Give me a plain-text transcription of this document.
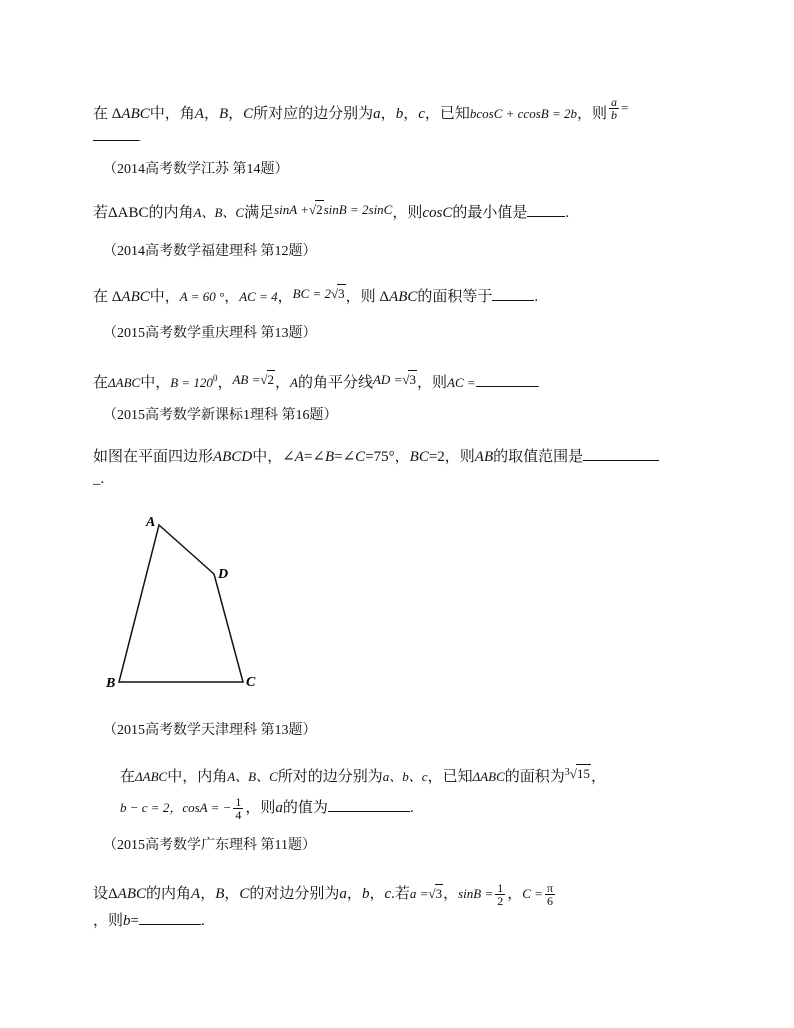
在 ΔABC中，角A，B，C所对应的边分别为a，b，c，已知bcosC + ccosB = 2b，则 $\frac{a}{b}$ =
.
（2014高考数学江苏 第14题）
若ΔABC的内角A、B、C满足sinA +√2sinB = 2sinC，则cosC的最小值是	.
（2014高考数学福建理科 第12题）
在 ΔABC中，A = 60 °，AC = 4，BC = 2√3，则 ΔABC的面积等于	.
（2015高考数学重庆理科 第13题）
在ΔABC中，$B = 120^0$，AB =√2，A的角平分线AD =√3，则AC =	.
（2015高考数学新课标1理科 第16题）
如图在平面四边形ABCD中，∠A=∠B=∠C=75°，BC=2，则AB的取值范围是
_.
A
D
B	C
（2015高考数学天津理科 第13题）
在ΔABC中，内角A、B、C所对的边分别为a、b、c，已知ΔABC的面积为$^3$√15，
b − c = 2，cosA = − $\frac{1}{4}$ ，则a的值为	.
（2015高考数学广东理科 第11题）
设ΔABC的内角A，B，C的对边分别为a，b，c.若a =√3，$\sin B = \frac{1}{2}$ ，$C = \frac{\pi}{6}$
，则b=	.
